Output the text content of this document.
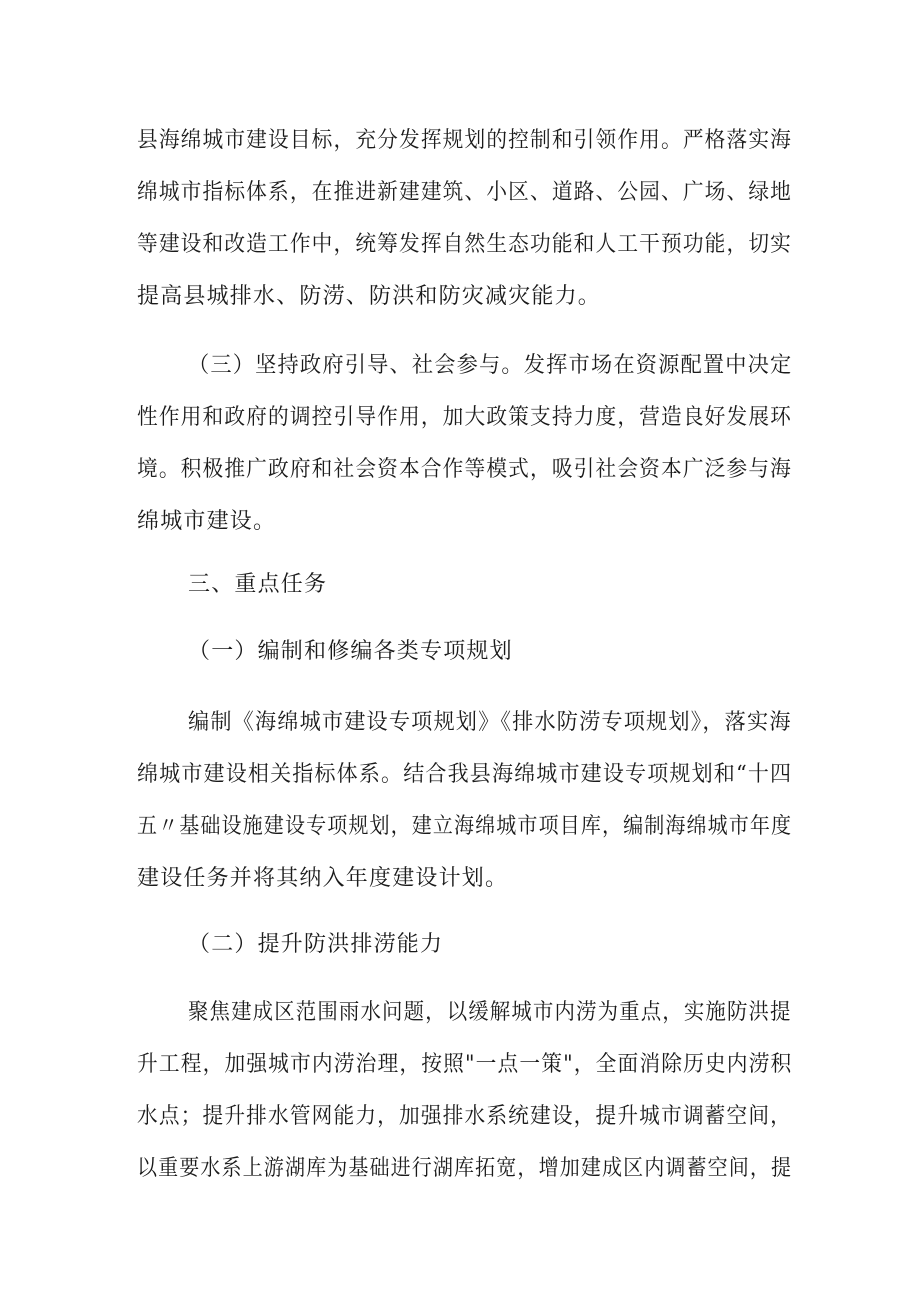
县海绵城市建设目标，充分发挥规划的控制和引领作用。严格落实海
绵城市指标体系，在推进新建建筑、小区、道路、公园、广场、绿地
等建设和改造工作中，统筹发挥自然生态功能和人工干预功能，切实
提高县城排水、防涝、防洪和防灾减灾能力。
（三）坚持政府引导、社会参与。发挥市场在资源配置中决定
性作用和政府的调控引导作用，加大政策支持力度，营造良好发展环
境。积极推广政府和社会资本合作等模式，吸引社会资本广泛参与海
绵城市建设。
三、重点任务
（一）编制和修编各类专项规划
编制《海绵城市建设专项规划》《排水防涝专项规划》，落实海
绵城市建设相关指标体系。结合我县海绵城市建设专项规划和“十四
五〃基础设施建设专项规划，建立海绵城市项目库，编制海绵城市年度
建设任务并将其纳入年度建设计划。
（二）提升防洪排涝能力
聚焦建成区范围雨水问题，以缓解城市内涝为重点，实施防洪提
升工程，加强城市内涝治理，按照"一点一策"，全面消除历史内涝积
水点；提升排水管网能力，加强排水系统建设，提升城市调蓄空间，
以重要水系上游湖库为基础进行湖库拓宽，增加建成区内调蓄空间，提
